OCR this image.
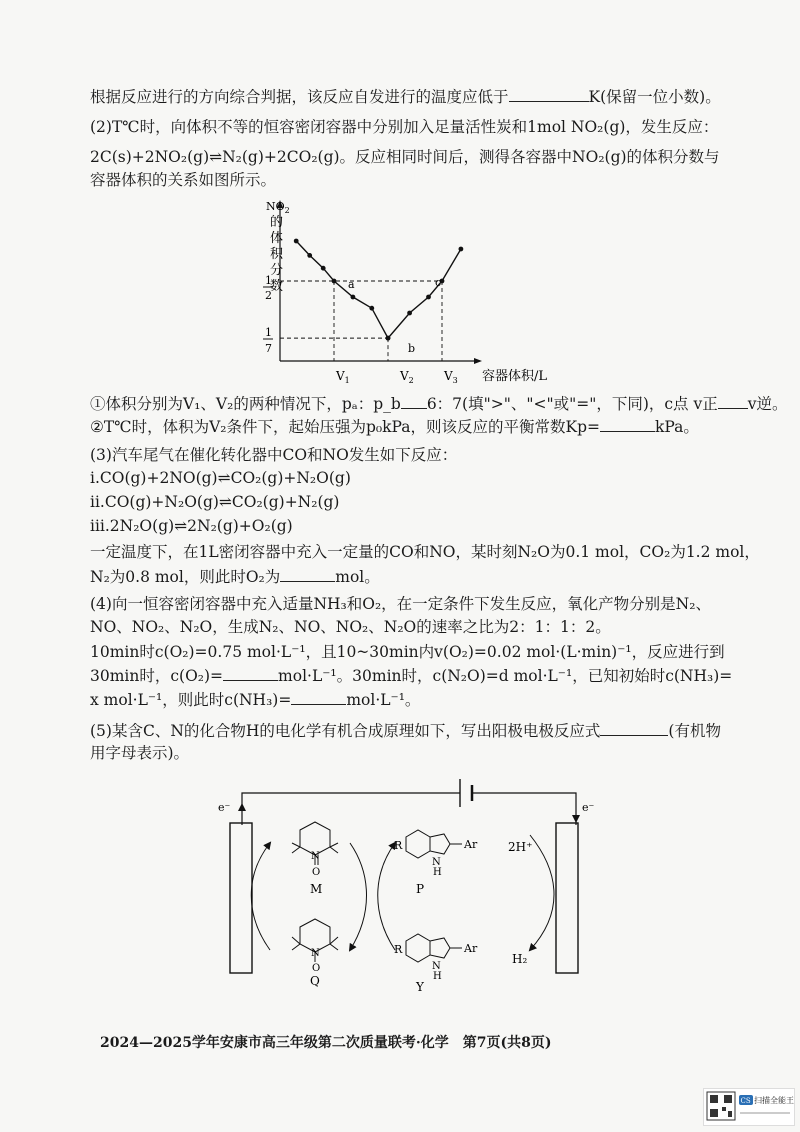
根据反应进行的方向综合判据，该反应自发进行的温度应低于	K(保留一位小数)。
(2)T℃时，向体积不等的恒容密闭容器中分别加入足量活性炭和1mol NO₂(g)，发生反应：
2C(s)+2NO₂(g)⇌N₂(g)+2CO₂(g)。反应相同时间后，测得各容器中NO₂(g)的体积分数与
容器体积的关系如图所示。
$NO_2$
的
体
积
分
数
1
2
1
7
a
b
c
$V_1$	$V_2$	$V_3$ 容器体积/L
①体积分别为V₁、V₂的两种情况下，pₐ：p_b 6：7(填">"、"<"或"="，下同)，c点 v正 v逆。
②T℃时，体积为V₂条件下，起始压强为p₀kPa，则该反应的平衡常数Kp=	kPa。
(3)汽车尾气在催化转化器中CO和NO发生如下反应：
ⅰ.CO(g)+2NO(g)⇌CO₂(g)+N₂O(g)
ⅱ.CO(g)+N₂O(g)⇌CO₂(g)+N₂(g)
ⅲ.2N₂O(g)⇌2N₂(g)+O₂(g)
一定温度下，在1L密闭容器中充入一定量的CO和NO，某时刻N₂O为0.1 mol，CO₂为1.2 mol，
N₂为0.8 mol，则此时O₂为	mol。
(4)向一恒容密闭容器中充入适量NH₃和O₂，在一定条件下发生反应，氧化产物分别是N₂、
NO、NO₂、N₂O，生成N₂、NO、NO₂、N₂O的速率之比为2：1：1：2。
10min时c(O₂)=0.75 mol·L⁻¹，且10~30min内v(O₂)=0.02 mol·(L·min)⁻¹，反应进行到
30min时，c(O₂)=	mol·L⁻¹。30min时，c(N₂O)=d mol·L⁻¹，已知初始时c(NH₃)=
x mol·L⁻¹，则此时c(NH₃)=	mol·L⁻¹。
(5)某含C、N的化合物H的电化学有机合成原理如下，写出阳极电极反应式	(有机物
用字母表示)。
e⁻	e⁻
N
O
M
N
O
Q
R	Ar
N
H
P
R	Ar
N
H
Y
2H⁺
H₂
2024—2025学年安康市高三年级第二次质量联考·化学　第7页(共8页)
CS 扫描全能王
